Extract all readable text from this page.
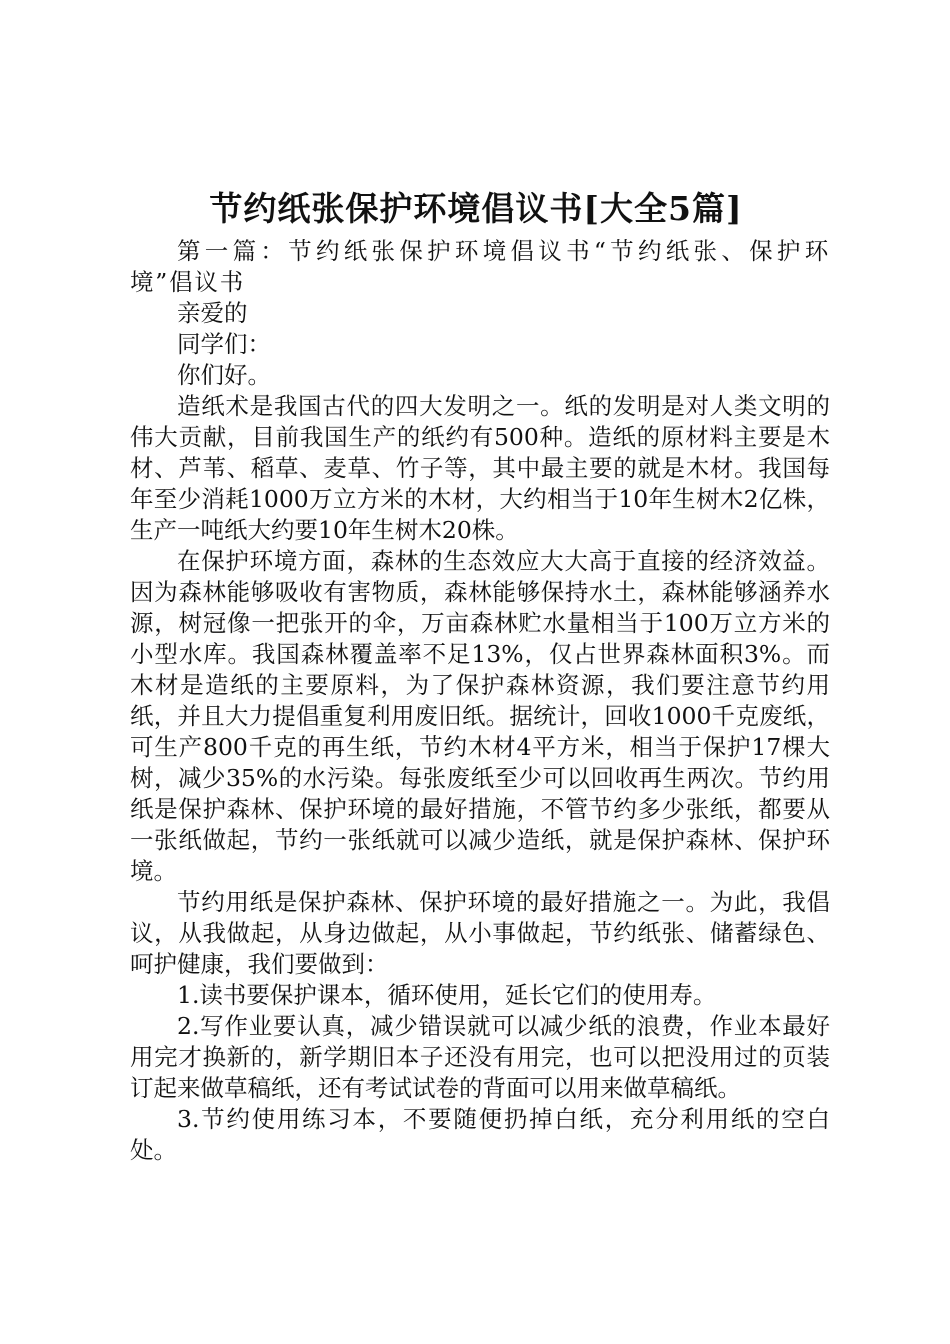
节约纸张保护环境倡议书[大全5篇]

第一篇：节约纸张保护环境倡议书“节约纸张、保护环境”倡议书

亲爱的

同学们：

你们好。

造纸术是我国古代的四大发明之一。纸的发明是对人类文明的伟大贡献，目前我国生产的纸约有500种。造纸的原材料主要是木材、芦苇、稻草、麦草、竹子等，其中最主要的就是木材。我国每年至少消耗1000万立方米的木材，大约相当于10年生树木2亿株，生产一吨纸大约要10年生树木20株。

在保护环境方面，森林的生态效应大大高于直接的经济效益。因为森林能够吸收有害物质，森林能够保持水土，森林能够涵养水源，树冠像一把张开的伞，万亩森林贮水量相当于100万立方米的小型水库。我国森林覆盖率不足13%，仅占世界森林面积3%。而木材是造纸的主要原料，为了保护森林资源，我们要注意节约用纸，并且大力提倡重复利用废旧纸。据统计，回收1000千克废纸，可生产800千克的再生纸，节约木材4平方米，相当于保护17棵大树，减少35%的水污染。每张废纸至少可以回收再生两次。节约用纸是保护森林、保护环境的最好措施，不管节约多少张纸，都要从一张纸做起，节约一张纸就可以减少造纸，就是保护森林、保护环境。

节约用纸是保护森林、保护环境的最好措施之一。为此，我倡议，从我做起，从身边做起，从小事做起，节约纸张、储蓄绿色、呵护健康，我们要做到：

1.读书要保护课本，循环使用，延长它们的使用寿。

2.写作业要认真，减少错误就可以减少纸的浪费，作业本最好用完才换新的，新学期旧本子还没有用完，也可以把没用过的页装订起来做草稿纸，还有考试试卷的背面可以用来做草稿纸。

3.节约使用练习本，不要随便扔掉白纸，充分利用纸的空白处。
